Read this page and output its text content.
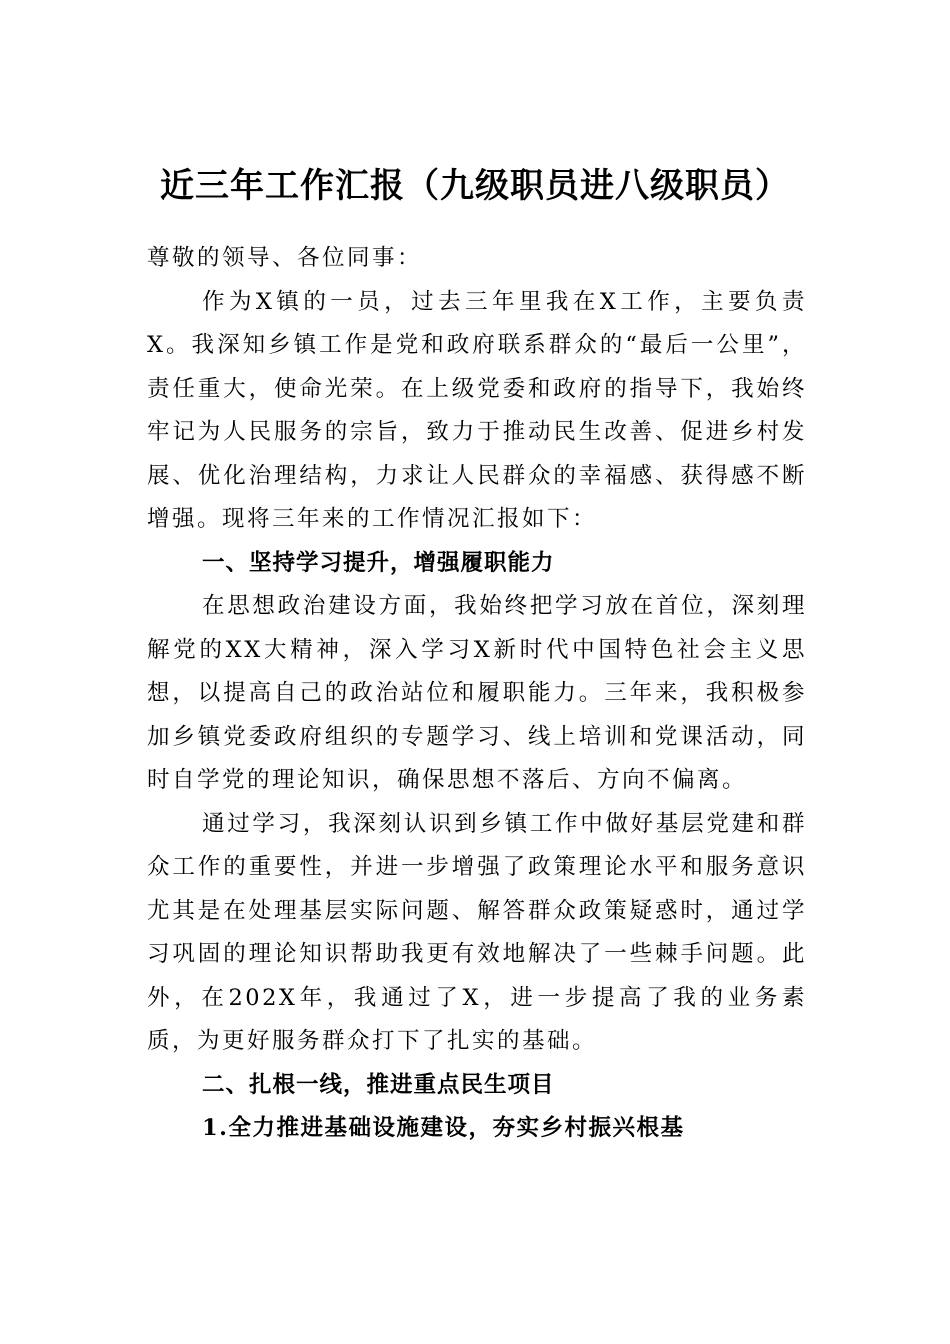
近三年工作汇报（九级职员进八级职员）

尊敬的领导、各位同事：

作为X镇的一员，过去三年里我在X工作，主要负责X。我深知乡镇工作是党和政府联系群众的“最后一公里”，责任重大，使命光荣。在上级党委和政府的指导下，我始终牢记为人民服务的宗旨，致力于推动民生改善、促进乡村发展、优化治理结构，力求让人民群众的幸福感、获得感不断增强。现将三年来的工作情况汇报如下：

一、坚持学习提升，增强履职能力

在思想政治建设方面，我始终把学习放在首位，深刻理解党的XX大精神，深入学习X新时代中国特色社会主义思想，以提高自己的政治站位和履职能力。三年来，我积极参加乡镇党委政府组织的专题学习、线上培训和党课活动，同时自学党的理论知识，确保思想不落后、方向不偏离。

通过学习，我深刻认识到乡镇工作中做好基层党建和群众工作的重要性，并进一步增强了政策理论水平和服务意识尤其是在处理基层实际问题、解答群众政策疑惑时，通过学习巩固的理论知识帮助我更有效地解决了一些棘手问题。此外，在202X年，我通过了X，进一步提高了我的业务素质，为更好服务群众打下了扎实的基础。

二、扎根一线，推进重点民生项目

1.全力推进基础设施建设，夯实乡村振兴根基
